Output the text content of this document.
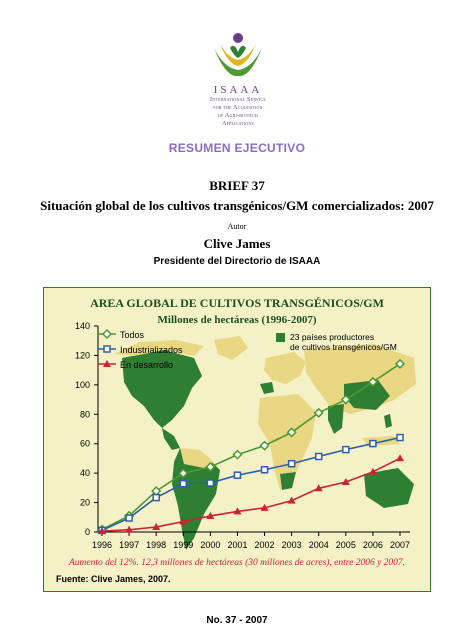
ISAAA
International Service
for the Acquisition
of Agri-biotech
Applications
RESUMEN EJECUTIVO
BRIEF 37
Situación global de los cultivos transgénicos/GM comercializados: 2007
Autor
Clive James
Presidente del Directorio de ISAAA
AREA GLOBAL DE CULTIVOS TRANSGÉNICOS/GM
Millones de hectáreas (1996-2007)
0
20
40
60
80
100
120
140
1996 1997 1998 1999 2000 2001 2002 2003 2004 2005 2006 2007
Todos
Industrializados
En desarrollo
23 países productores de cultivos transgénicos/GM
Aumento del 12%. 12,3 millones de hectáreas (30 millones de acres), entre 2006 y 2007.
Fuente: Clive James, 2007.
No. 37 - 2007
